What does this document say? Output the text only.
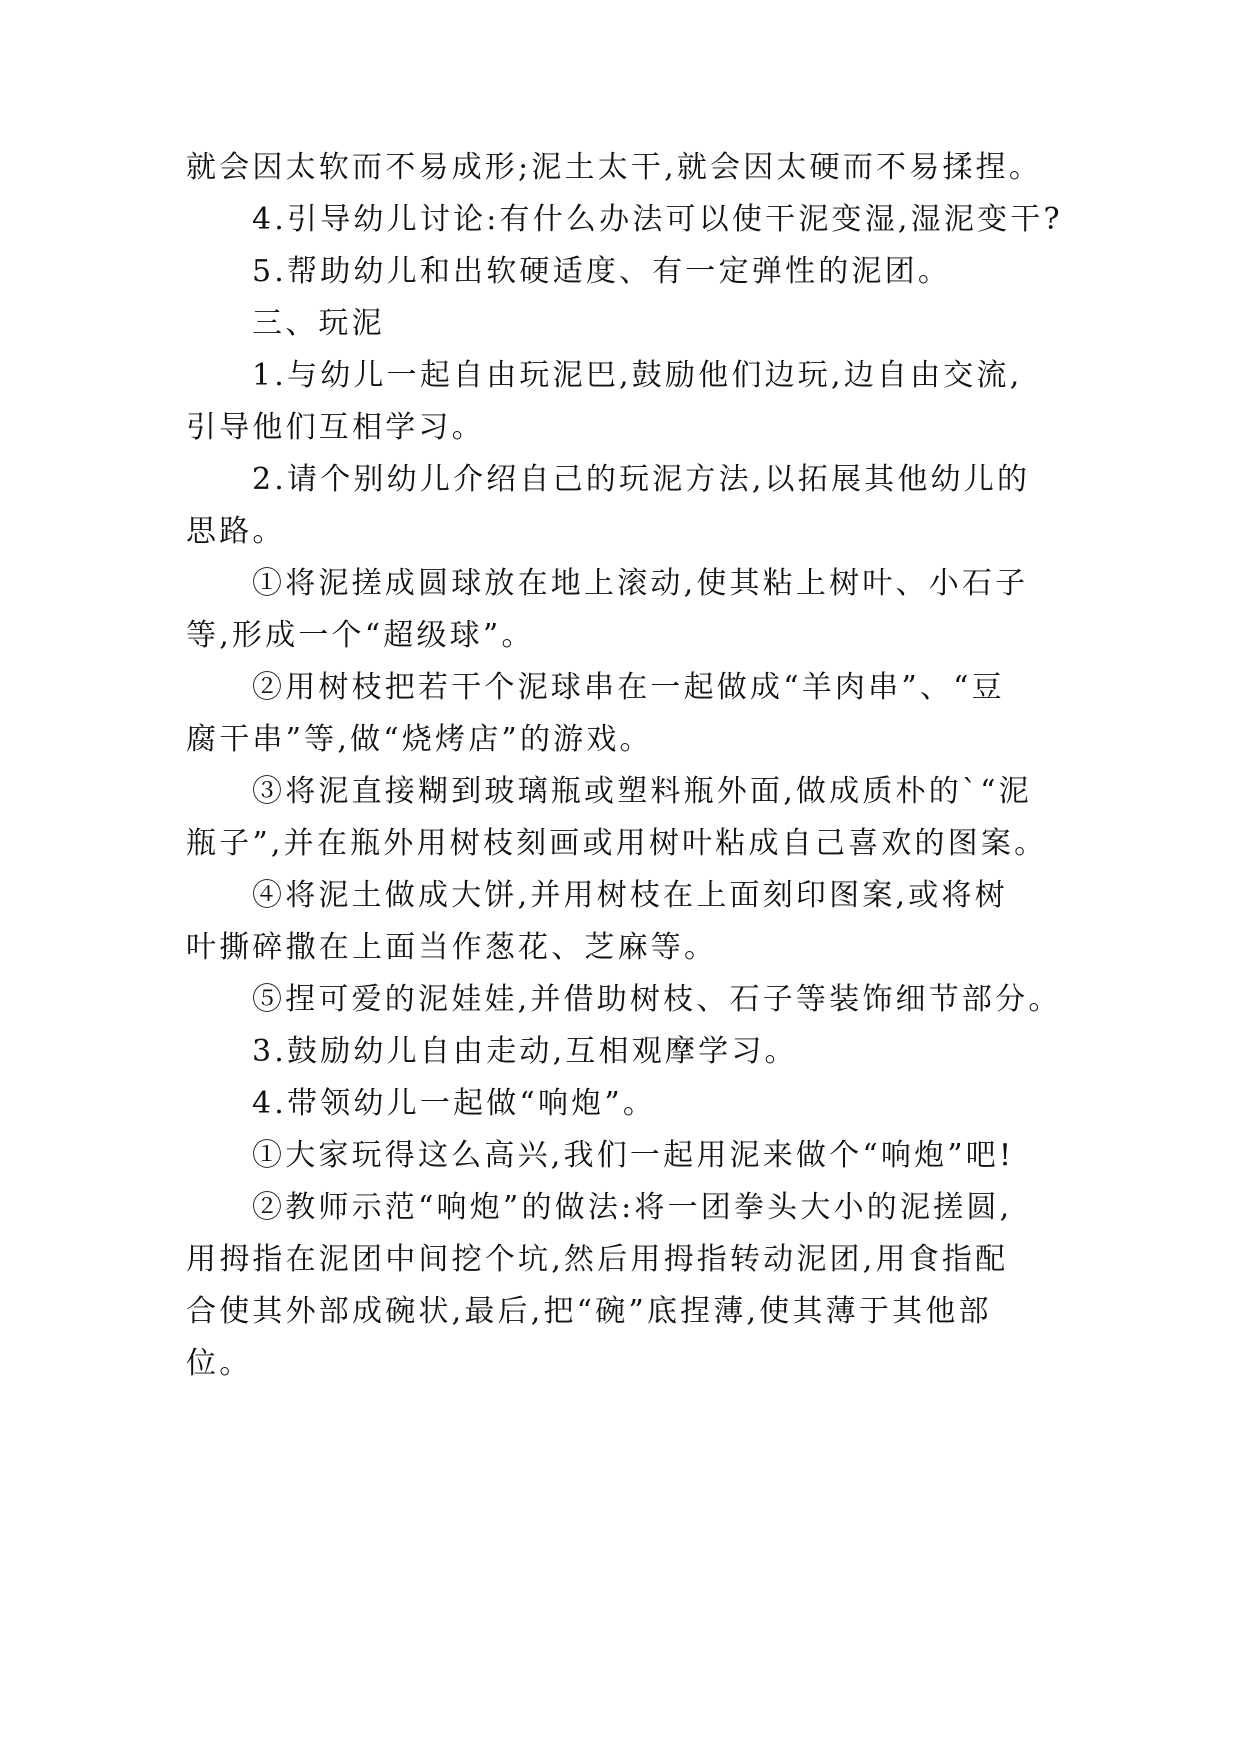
就会因太软而不易成形;泥土太干,就会因太硬而不易揉捏。
4.引导幼儿讨论:有什么办法可以使干泥变湿,湿泥变干?
5.帮助幼儿和出软硬适度、有一定弹性的泥团。
三、玩泥
1.与幼儿一起自由玩泥巴,鼓励他们边玩,边自由交流,
引导他们互相学习。
2.请个别幼儿介绍自己的玩泥方法,以拓展其他幼儿的
思路。
①将泥搓成圆球放在地上滚动,使其粘上树叶、小石子
等,形成一个“超级球”。
②用树枝把若干个泥球串在一起做成“羊肉串”、“豆
腐干串”等,做“烧烤店”的游戏。
③将泥直接糊到玻璃瓶或塑料瓶外面,做成质朴的`“泥
瓶子”,并在瓶外用树枝刻画或用树叶粘成自己喜欢的图案。
④将泥土做成大饼,并用树枝在上面刻印图案,或将树
叶撕碎撒在上面当作葱花、芝麻等。
⑤捏可爱的泥娃娃,并借助树枝、石子等装饰细节部分。
3.鼓励幼儿自由走动,互相观摩学习。
4.带领幼儿一起做“响炮”。
①大家玩得这么高兴,我们一起用泥来做个“响炮”吧!
②教师示范“响炮”的做法:将一团拳头大小的泥搓圆,
用拇指在泥团中间挖个坑,然后用拇指转动泥团,用食指配
合使其外部成碗状,最后,把“碗”底捏薄,使其薄于其他部
位。
